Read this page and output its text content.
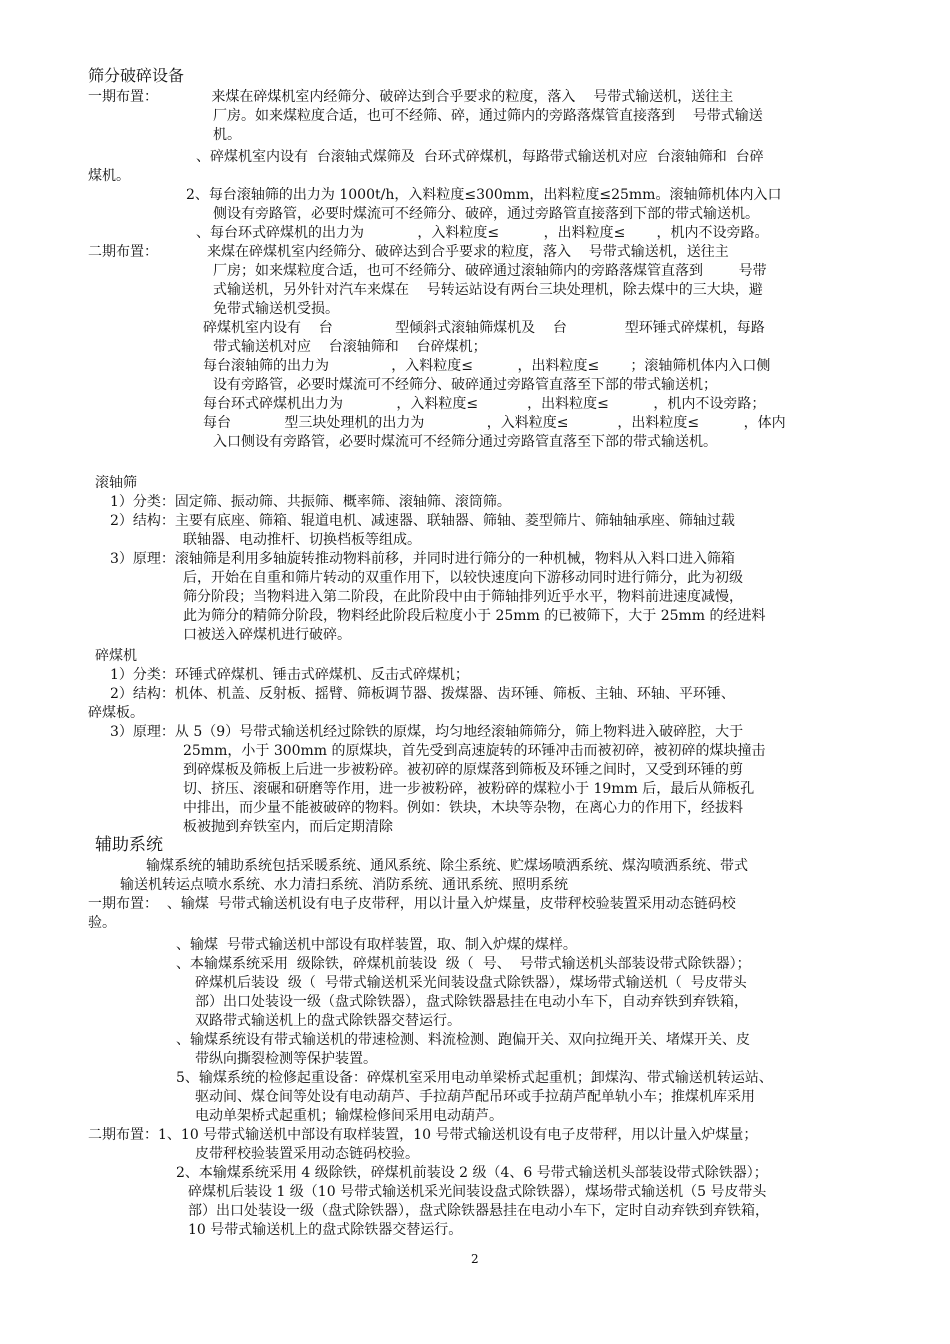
筛分破碎设备
一期布置：            来煤在碎煤机室内经筛分、破碎达到合乎要求的粒度，落入    号带式输送机，送往主
厂房。如来煤粒度合适，也可不经筛、碎，通过筛内的旁路落煤管直接落到    号带式输送
机。
、碎煤机室内设有  台滚轴式煤筛及  台环式碎煤机，每路带式输送机对应  台滚轴筛和  台碎
煤机。
2、每台滚轴筛的出力为 1000t/h，入料粒度≤300mm，出料粒度≤25mm。滚轴筛机体内入口
侧设有旁路管，必要时煤流可不经筛分、破碎，通过旁路管直接落到下部的带式输送机。
、每台环式碎煤机的出力为            ，入料粒度≤          ，出料粒度≤       ，机内不设旁路。
二期布置：           来煤在碎煤机室内经筛分、破碎达到合乎要求的粒度，落入    号带式输送机，送往主
厂房；如来煤粒度合适，也可不经筛分、破碎通过滚轴筛内的旁路落煤管直落到        号带
式输送机，另外针对汽车来煤在    号转运站设有两台三块处理机，除去煤中的三大块，避
免带式输送机受损。
碎煤机室内设有    台              型倾斜式滚轴筛煤机及    台             型环锤式碎煤机，每路
带式输送机对应    台滚轴筛和    台碎煤机；
每台滚轴筛的出力为              ，入料粒度≤          ，出料粒度≤       ；滚轴筛机体内入口侧
设有旁路管，必要时煤流可不经筛分、破碎通过旁路管直落至下部的带式输送机；
每台环式碎煤机出力为            ，入料粒度≤           ，出料粒度≤          ，机内不设旁路；
每台            型三块处理机的出力为              ，入料粒度≤           ，出料粒度≤          ，体内
入口侧设有旁路管，必要时煤流可不经筛分通过旁路管直落至下部的带式输送机。
滚轴筛
1）分类：固定筛、振动筛、共振筛、概率筛、滚轴筛、滚筒筛。
2）结构：主要有底座、筛箱、辊道电机、减速器、联轴器、筛轴、菱型筛片、筛轴轴承座、筛轴过载
联轴器、电动推杆、切换档板等组成。
3）原理：滚轴筛是利用多轴旋转推动物料前移，并同时进行筛分的一种机械，物料从入料口进入筛箱
后，开始在自重和筛片转动的双重作用下，以较快速度向下游移动同时进行筛分，此为初级
筛分阶段；当物料进入第二阶段，在此阶段中由于筛轴排列近乎水平，物料前进速度减慢，
此为筛分的精筛分阶段，物料经此阶段后粒度小于 25mm 的已被筛下，大于 25mm 的经进料
口被送入碎煤机进行破碎。
碎煤机
1）分类：环锤式碎煤机、锤击式碎煤机、反击式碎煤机；
2）结构：机体、机盖、反射板、摇臂、筛板调节器、拨煤器、齿环锤、筛板、主轴、环轴、平环锤、
碎煤板。
3）原理：从 5（9）号带式输送机经过除铁的原煤，均匀地经滚轴筛筛分，筛上物料进入破碎腔，大于
25mm，小于 300mm 的原煤块，首先受到高速旋转的环锤冲击而被初碎，被初碎的煤块撞击
到碎煤板及筛板上后进一步被粉碎。被初碎的原煤落到筛板及环锤之间时，又受到环锤的剪
切、挤压、滚碾和研磨等作用，进一步被粉碎，被粉碎的煤粒小于 19mm 后，最后从筛板孔
中排出，而少量不能被破碎的物料。例如：铁块，木块等杂物，在离心力的作用下，经拔料
板被抛到弃铁室内，而后定期清除
辅助系统
输煤系统的辅助系统包括采暖系统、通风系统、除尘系统、贮煤场喷洒系统、煤沟喷洒系统、带式
输送机转运点喷水系统、水力清扫系统、消防系统、通讯系统、照明系统
一期布置：  、输煤  号带式输送机设有电子皮带秤，用以计量入炉煤量，皮带秤校验装置采用动态链码校
验。
、输煤  号带式输送机中部设有取样装置，取、制入炉煤的煤样。
、本输煤系统采用  级除铁，碎煤机前装设  级（  号、  号带式输送机头部装设带式除铁器）；
碎煤机后装设  级（  号带式输送机采光间装设盘式除铁器），煤场带式输送机（  号皮带头
部）出口处装设一级（盘式除铁器），盘式除铁器悬挂在电动小车下，自动弃铁到弃铁箱，
双路带式输送机上的盘式除铁器交替运行。
、输煤系统设有带式输送机的带速检测、料流检测、跑偏开关、双向拉绳开关、堵煤开关、皮
带纵向撕裂检测等保护装置。
5、输煤系统的检修起重设备：碎煤机室采用电动单梁桥式起重机；卸煤沟、带式输送机转运站、
驱动间、煤仓间等处设有电动葫芦、手拉葫芦配吊环或手拉葫芦配单轨小车；推煤机库采用
电动单架桥式起重机；输煤检修间采用电动葫芦。
二期布置：1、10 号带式输送机中部设有取样装置，10 号带式输送机设有电子皮带秤，用以计量入炉煤量；
皮带秤校验装置采用动态链码校验。
2、本输煤系统采用 4 级除铁，碎煤机前装设 2 级（4、6 号带式输送机头部装设带式除铁器）；
碎煤机后装设 1 级（10 号带式输送机采光间装设盘式除铁器），煤场带式输送机（5 号皮带头
部）出口处装设一级（盘式除铁器），盘式除铁器悬挂在电动小车下，定时自动弃铁到弃铁箱，
10 号带式输送机上的盘式除铁器交替运行。
2
